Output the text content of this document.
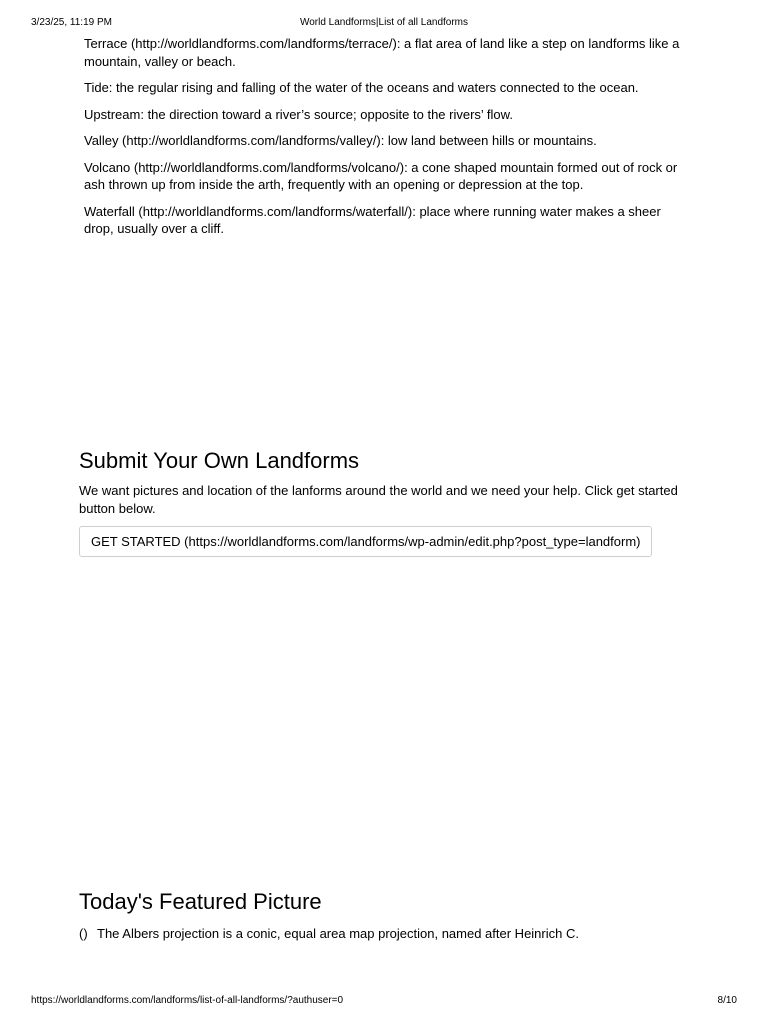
3/23/25, 11:19 PM	World Landforms|List of all Landforms

Terrace (http://worldlandforms.com/landforms/terrace/): a flat area of land like a step on landforms like a mountain, valley or beach.

Tide: the regular rising and falling of the water of the oceans and waters connected to the ocean.

Upstream: the direction toward a river’s source; opposite to the rivers’ flow.

Valley (http://worldlandforms.com/landforms/valley/): low land between hills or mountains.

Volcano (http://worldlandforms.com/landforms/volcano/): a cone shaped mountain formed out of rock or ash thrown up from inside the arth, frequently with an opening or depression at the top.

Waterfall (http://worldlandforms.com/landforms/waterfall/): place where running water makes a sheer drop, usually over a cliff.

Submit Your Own Landforms

We want pictures and location of the lanforms around the world and we need your help. Click get started button below.

GET STARTED (https://worldlandforms.com/landforms/wp-admin/edit.php?post_type=landform)
Today's Featured Picture
() The Albers projection is a conic, equal area map projection, named after Heinrich C.
https://worldlandforms.com/landforms/list-of-all-landforms/?authuser=0	8/10
